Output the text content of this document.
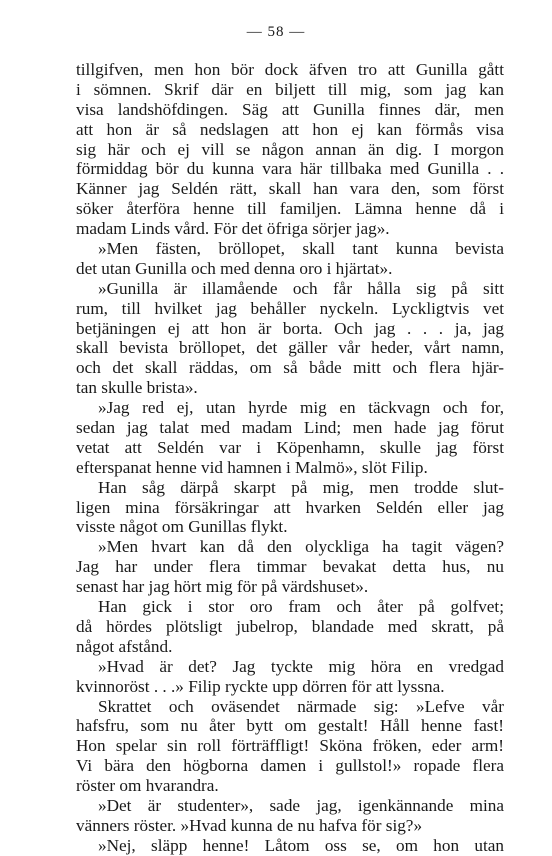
— 58 —
tillgifven, men hon bör dock äfven tro att Gunilla gått
i sömnen. Skrif där en biljett till mig, som jag kan
visa landshöfdingen. Säg att Gunilla finnes där, men
att hon är så nedslagen att hon ej kan förmås visa
sig här och ej vill se någon annan än dig. I morgon
förmiddag bör du kunna vara här tillbaka med Gunilla . .
Känner jag Seldén rätt, skall han vara den, som först
söker återföra henne till familjen. Lämna henne då i
madam Linds vård. För det öfriga sörjer jag».
»Men fästen, bröllopet, skall tant kunna bevista
det utan Gunilla och med denna oro i hjärtat».
»Gunilla är illamående och får hålla sig på sitt
rum, till hvilket jag behåller nyckeln. Lyckligtvis vet
betjäningen ej att hon är borta. Och jag . . . ja, jag
skall bevista bröllopet, det gäller vår heder, vårt namn,
och det skall räddas, om så både mitt och flera hjär-
tan skulle brista».
»Jag red ej, utan hyrde mig en täckvagn och for,
sedan jag talat med madam Lind; men hade jag förut
vetat att Seldén var i Köpenhamn, skulle jag först
efterspanat henne vid hamnen i Malmö», slöt Filip.
Han såg därpå skarpt på mig, men trodde slut-
ligen mina försäkringar att hvarken Seldén eller jag
visste något om Gunillas flykt.
»Men hvart kan då den olyckliga ha tagit vägen?
Jag har under flera timmar bevakat detta hus, nu
senast har jag hört mig för på värdshuset».
Han gick i stor oro fram och åter på golfvet;
då hördes plötsligt jubelrop, blandade med skratt, på
något afstånd.
»Hvad är det? Jag tyckte mig höra en vredgad
kvinnoröst . . .» Filip ryckte upp dörren för att lyssna.
Skrattet och oväsendet närmade sig: »Lefve vår
hafsfru, som nu åter bytt om gestalt! Håll henne fast!
Hon spelar sin roll förträffligt! Sköna fröken, eder arm!
Vi bära den högborna damen i gullstol!» ropade flera
röster om hvarandra.
»Det är studenter», sade jag, igenkännande mina
vänners röster. »Hvad kunna de nu hafva för sig?»
»Nej, släpp henne! Låtom oss se, om hon utan
